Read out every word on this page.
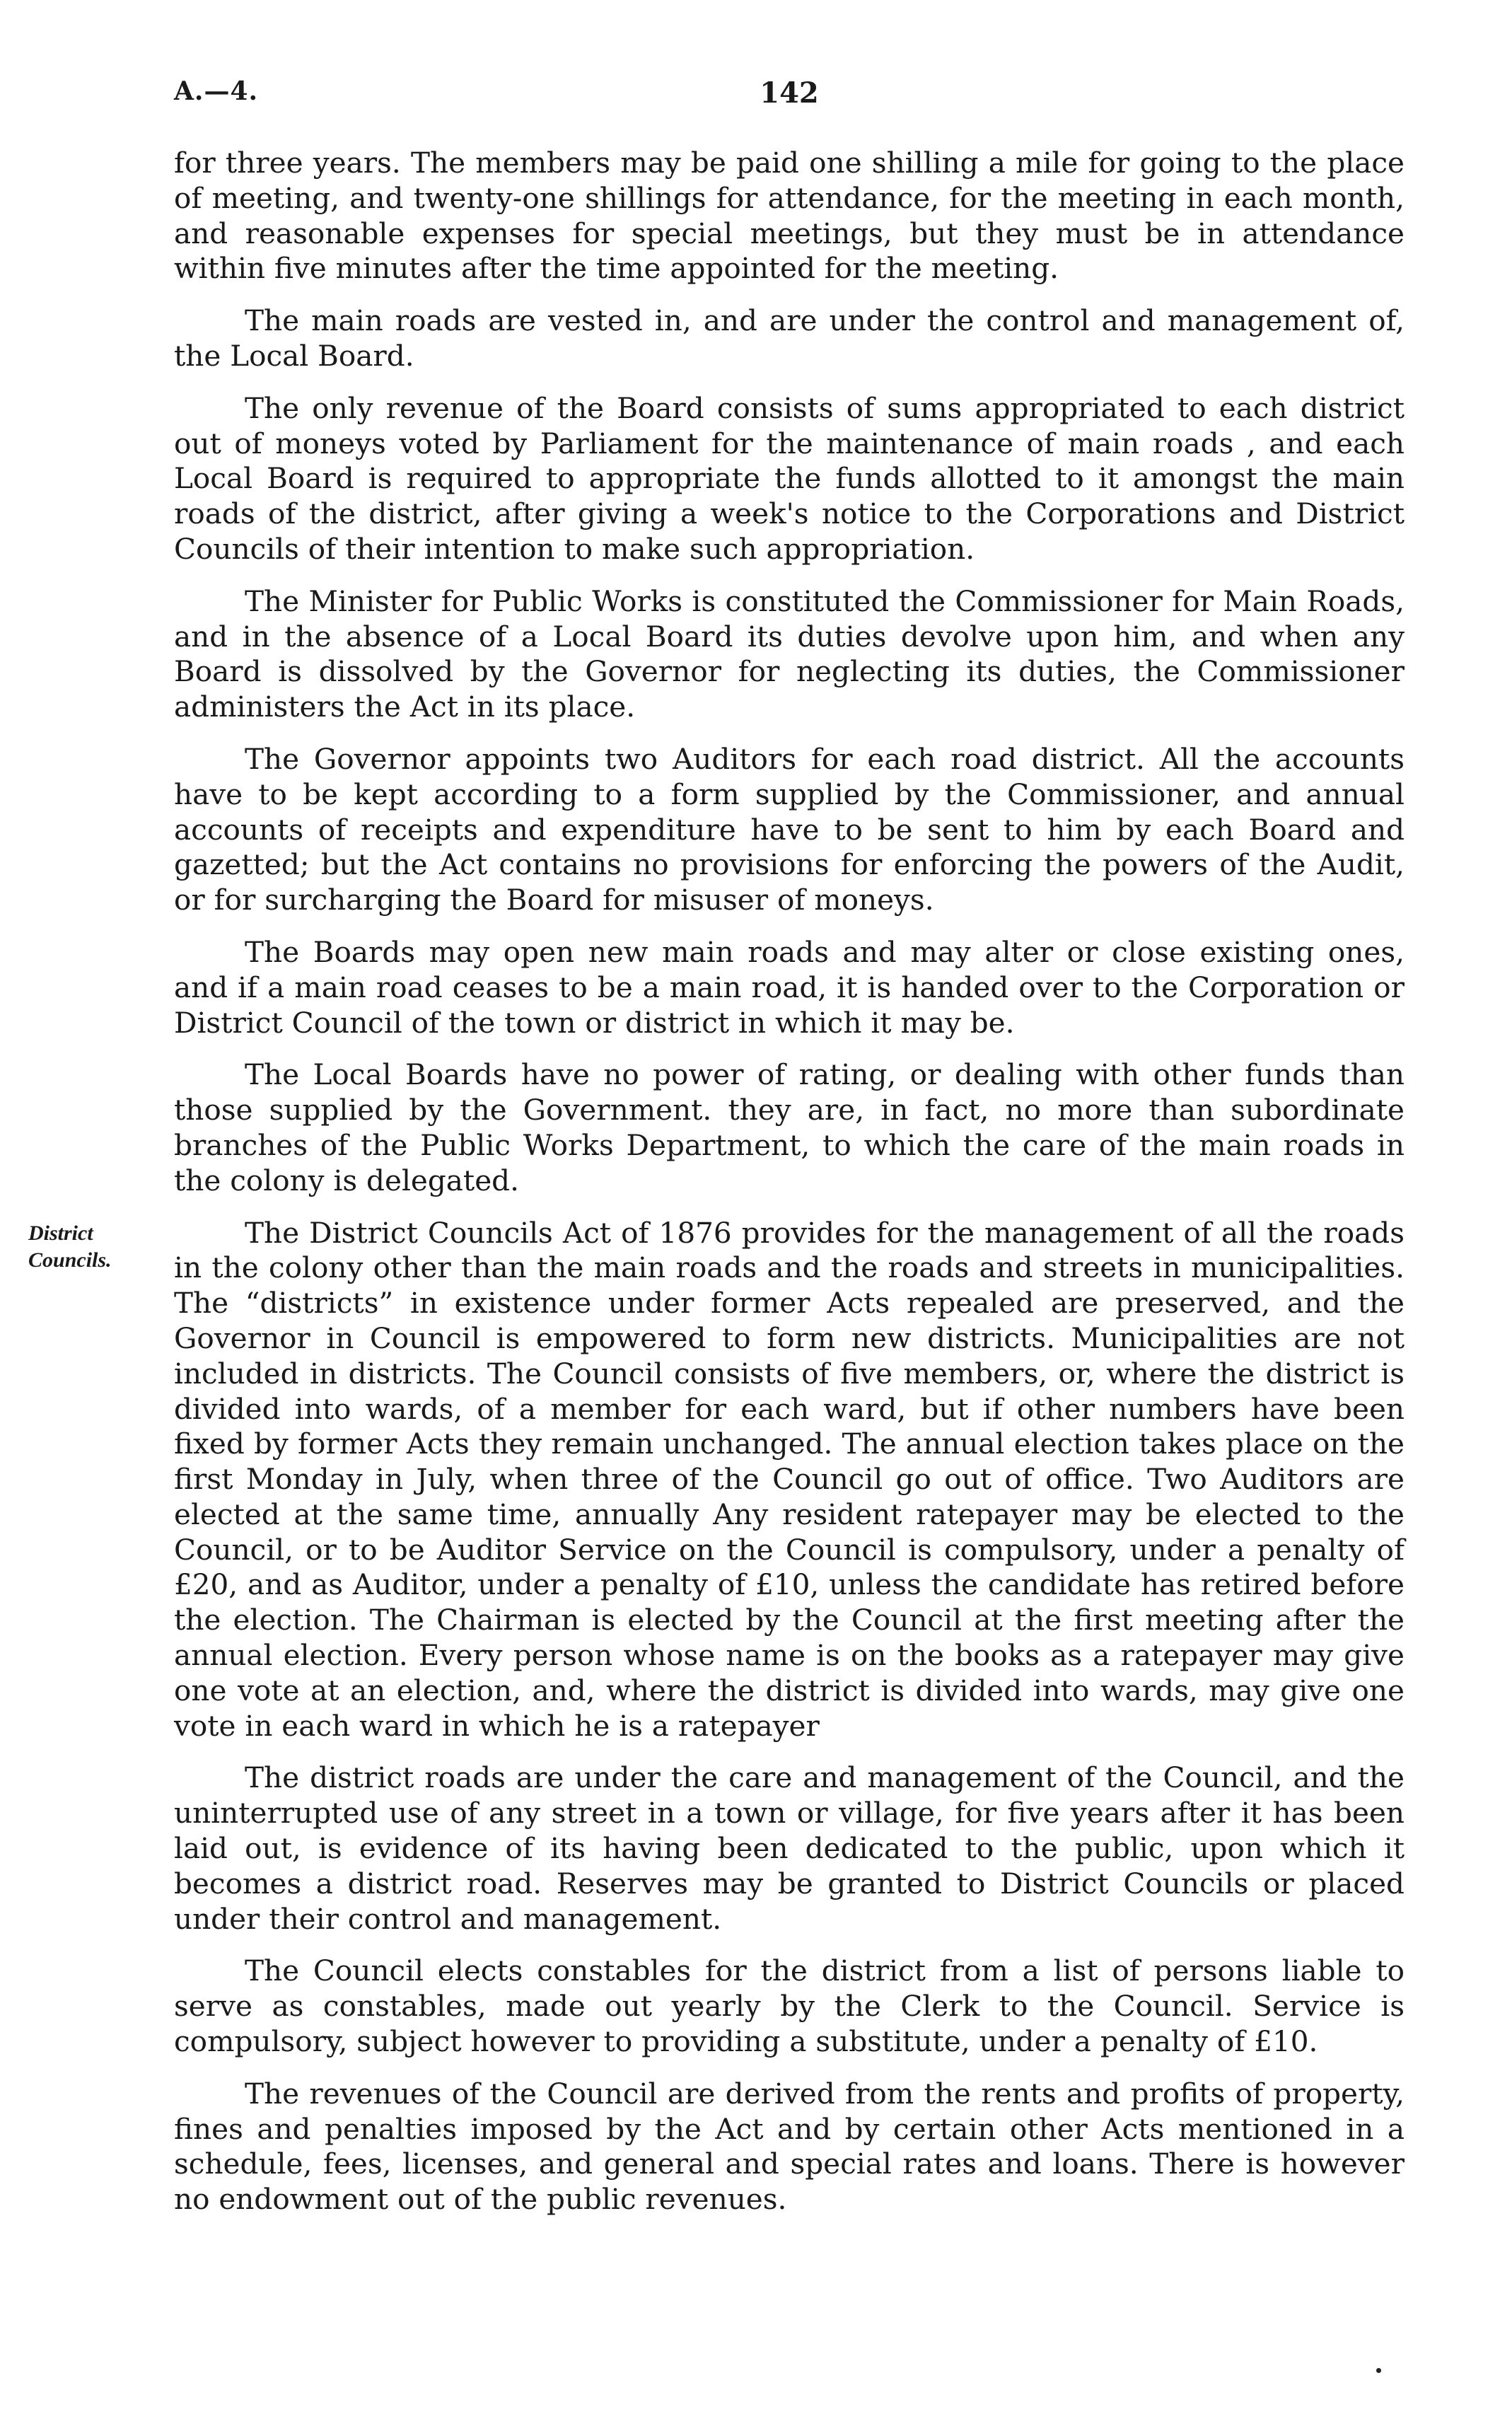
A.—4.	142

for three years. The members may be paid one shilling a mile for going to the place of meeting, and twenty-one shillings for attendance, for the meeting in each month, and reasonable expenses for special meetings, but they must be in attendance within five minutes after the time appointed for the meeting.

The main roads are vested in, and are under the control and management of, the Local Board.

The only revenue of the Board consists of sums appropriated to each district out of moneys voted by Parliament for the maintenance of main roads , and each Local Board is required to appropriate the funds allotted to it amongst the main roads of the district, after giving a week's notice to the Corporations and District Councils of their intention to make such appropriation.

The Minister for Public Works is constituted the Commissioner for Main Roads, and in the absence of a Local Board its duties devolve upon him, and when any Board is dissolved by the Governor for neglecting its duties, the Commissioner administers the Act in its place.

The Governor appoints two Auditors for each road district. All the accounts have to be kept according to a form supplied by the Commissioner, and annual accounts of receipts and expenditure have to be sent to him by each Board and gazetted; but the Act contains no provisions for enforcing the powers of the Audit, or for surcharging the Board for misuser of moneys.

The Boards may open new main roads and may alter or close existing ones, and if a main road ceases to be a main road, it is handed over to the Corporation or District Council of the town or district in which it may be.

The Local Boards have no power of rating, or dealing with other funds than those supplied by the Government. they are, in fact, no more than subordinate branches of the Public Works Department, to which the care of the main roads in the colony is delegated.

District
Councils.

The District Councils Act of 1876 provides for the management of all the roads in the colony other than the main roads and the roads and streets in municipalities. The “districts” in existence under former Acts repealed are preserved, and the Governor in Council is empowered to form new districts. Municipalities are not included in districts. The Council consists of five members, or, where the district is divided into wards, of a member for each ward, but if other numbers have been fixed by former Acts they remain unchanged. The annual election takes place on the first Monday in July, when three of the Council go out of office. Two Auditors are elected at the same time, annually Any resident ratepayer may be elected to the Council, or to be Auditor Service on the Council is compulsory, under a penalty of £20, and as Auditor, under a penalty of £10, unless the candidate has retired before the election. The Chairman is elected by the Council at the first meeting after the annual election. Every person whose name is on the books as a ratepayer may give one vote at an election, and, where the district is divided into wards, may give one vote in each ward in which he is a ratepayer

The district roads are under the care and management of the Council, and the uninterrupted use of any street in a town or village, for five years after it has been laid out, is evidence of its having been dedicated to the public, upon which it becomes a district road. Reserves may be granted to District Councils or placed under their control and management.

The Council elects constables for the district from a list of persons liable to serve as constables, made out yearly by the Clerk to the Council. Service is compulsory, subject however to providing a substitute, under a penalty of £10.

The revenues of the Council are derived from the rents and profits of property, fines and penalties imposed by the Act and by certain other Acts mentioned in a schedule, fees, licenses, and general and special rates and loans. There is however no endowment out of the public revenues.
